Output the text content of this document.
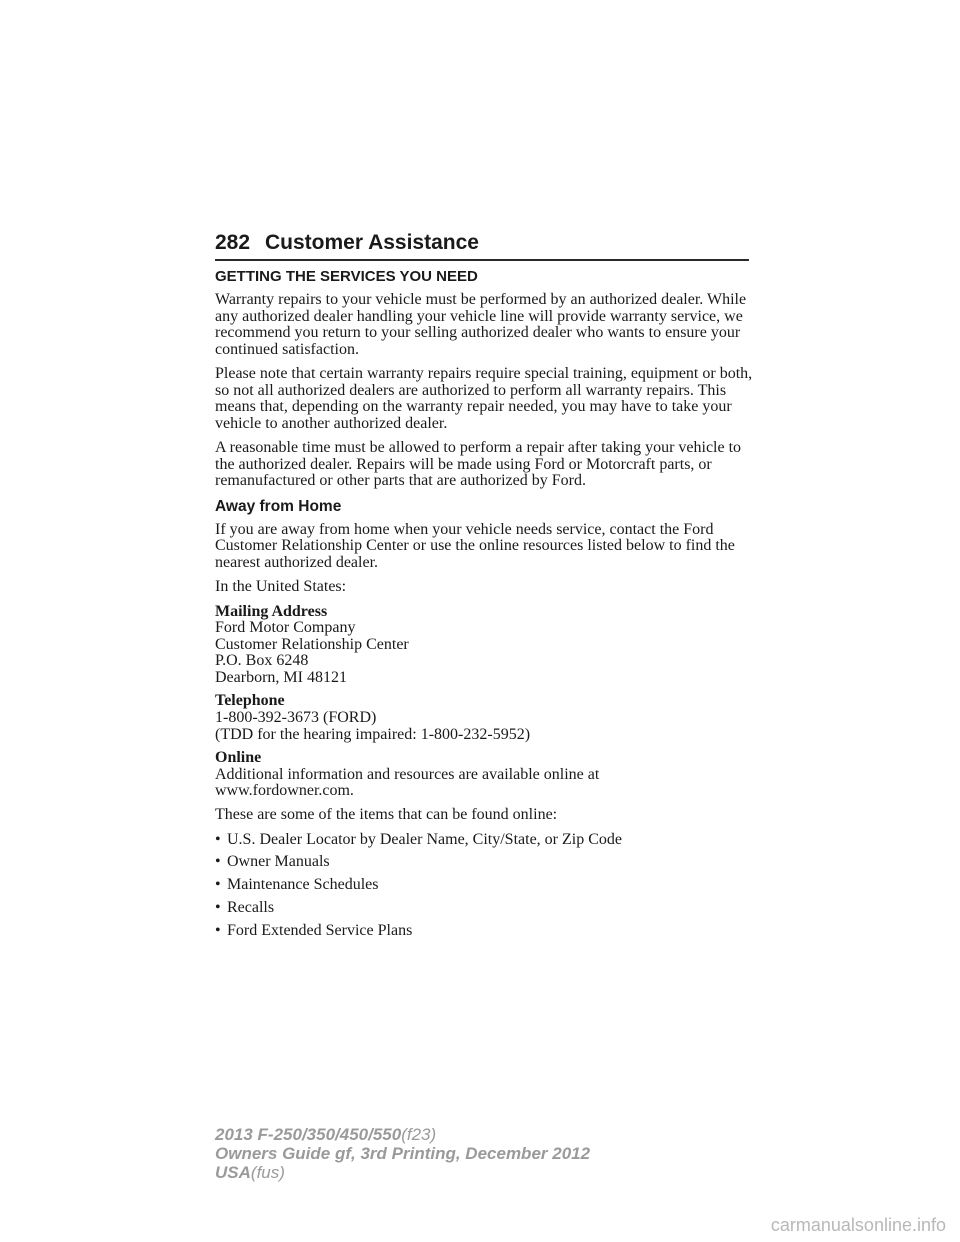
282 Customer Assistance
GETTING THE SERVICES YOU NEED

Warranty repairs to your vehicle must be performed by an authorized dealer. While any authorized dealer handling your vehicle line will provide warranty service, we recommend you return to your selling authorized dealer who wants to ensure your continued satisfaction.

Please note that certain warranty repairs require special training, equipment or both, so not all authorized dealers are authorized to perform all warranty repairs. This means that, depending on the warranty repair needed, you may have to take your vehicle to another authorized dealer.

A reasonable time must be allowed to perform a repair after taking your vehicle to the authorized dealer. Repairs will be made using Ford or Motorcraft parts, or remanufactured or other parts that are authorized by Ford.

Away from Home

If you are away from home when your vehicle needs service, contact the Ford Customer Relationship Center or use the online resources listed below to find the nearest authorized dealer.

In the United States:

Mailing Address
Ford Motor Company
Customer Relationship Center
P.O. Box 6248
Dearborn, MI 48121
Telephone
1-800-392-3673 (FORD)
(TDD for the hearing impaired: 1-800-232-5952)
Online
Additional information and resources are available online at
www.fordowner.com.

These are some of the items that can be found online:

• U.S. Dealer Locator by Dealer Name, City/State, or Zip Code
• Owner Manuals
• Maintenance Schedules
• Recalls
• Ford Extended Service Plans
2013 F-250/350/450/550(f23)
Owners Guide gf, 3rd Printing, December 2012
USA(fus)
carmanualsonline.info
